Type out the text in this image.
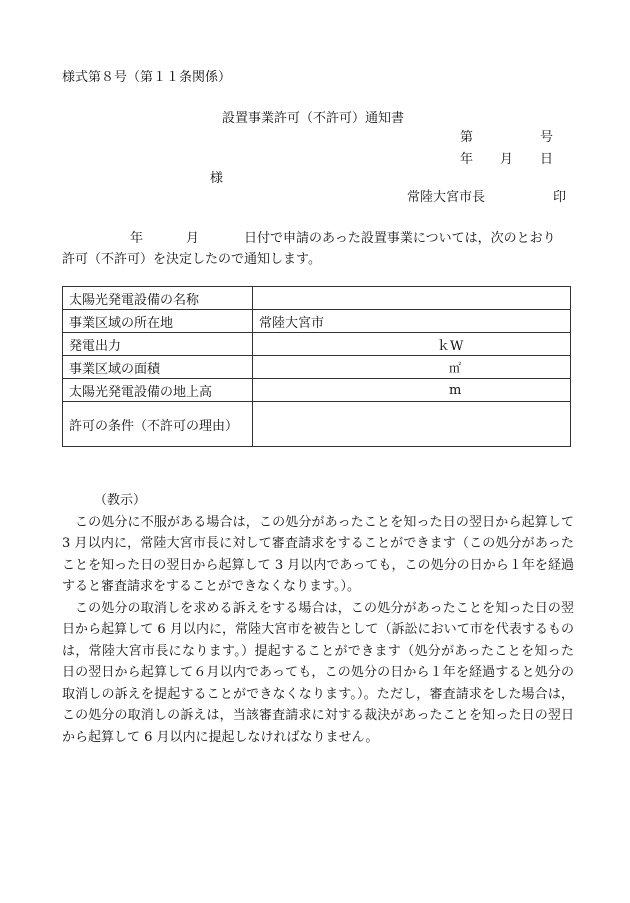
様式第８号（第１１条関係）
設置事業許可（不許可）通知書
第	号
年 月 日
様
常陸大宮市長	印
年	月	日付で申請のあった設置事業については，次のとおり
許可（不許可）を決定したので通知します。
太陽光発電設備の名称	
事業区域の所在地	常陸大宮市
発電出力	ｋW
事業区域の面積	㎡
太陽光発電設備の地上高	m
許可の条件（不許可の理由）	
（教示）

この処分に不服がある場合は，この処分があったことを知った日の翌日から起算して 3 月以内に，常陸大宮市長に対して審査請求をすることができます（この処分があったことを知った日の翌日から起算して 3 月以内であっても，この処分の日から１年を経過すると審査請求をすることができなくなります。）。

この処分の取消しを求める訴えをする場合は，この処分があったことを知った日の翌日から起算して 6 月以内に，常陸大宮市を被告として（訴訟において市を代表するものは，常陸大宮市長になります。）提起することができます（処分があったことを知った日の翌日から起算して６月以内であっても，この処分の日から１年を経過すると処分の取消しの訴えを提起することができなくなります。）。ただし，審査請求をした場合は，この処分の取消しの訴えは，当該審査請求に対する裁決があったことを知った日の翌日から起算して 6 月以内に提起しなければなりません。
